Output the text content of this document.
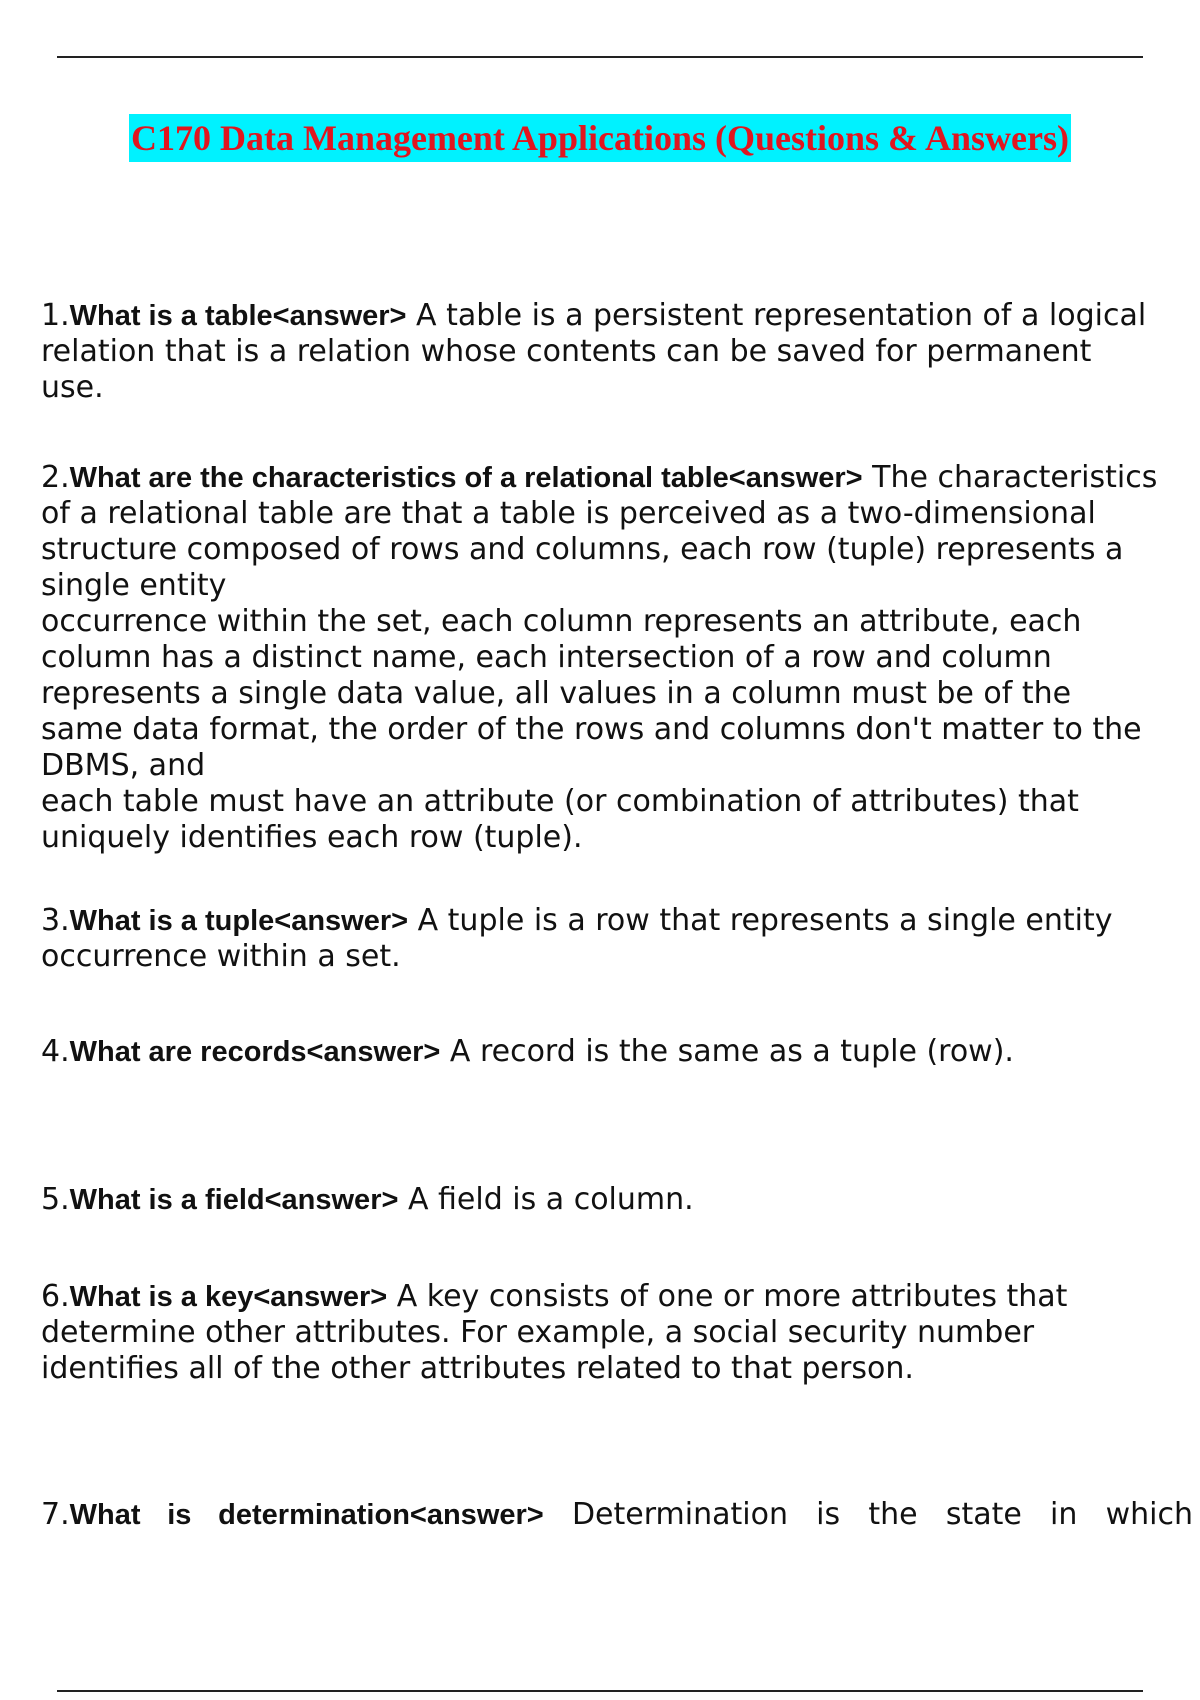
C170 Data Management Applications (Questions & Answers)

1.What is a table<answer> A table is a persistent representation of a logical relation that is a relation whose contents can be saved for permanent use.

2.What are the characteristics of a relational table<answer> The characteristics of a relational table are that a table is perceived as a two-dimensional structure composed of rows and columns, each row (tuple) represents a single entity
occurrence within the set, each column represents an attribute, each column has a distinct name, each intersection of a row and column represents a single data value, all values in a column must be of the same data format, the order of the rows and columns don't matter to the DBMS, and
each table must have an attribute (or combination of attributes) that uniquely identifies each row (tuple).

3.What is a tuple<answer> A tuple is a row that represents a single entity occurrence within a set.

4.What are records<answer> A record is the same as a tuple (row).

5.What is a field<answer> A field is a column.

6.What is a key<answer> A key consists of one or more attributes that determine other attributes. For example, a social security number identifies all of the other attributes related to that person.

7.What is determination<answer> Determination is the state in which
